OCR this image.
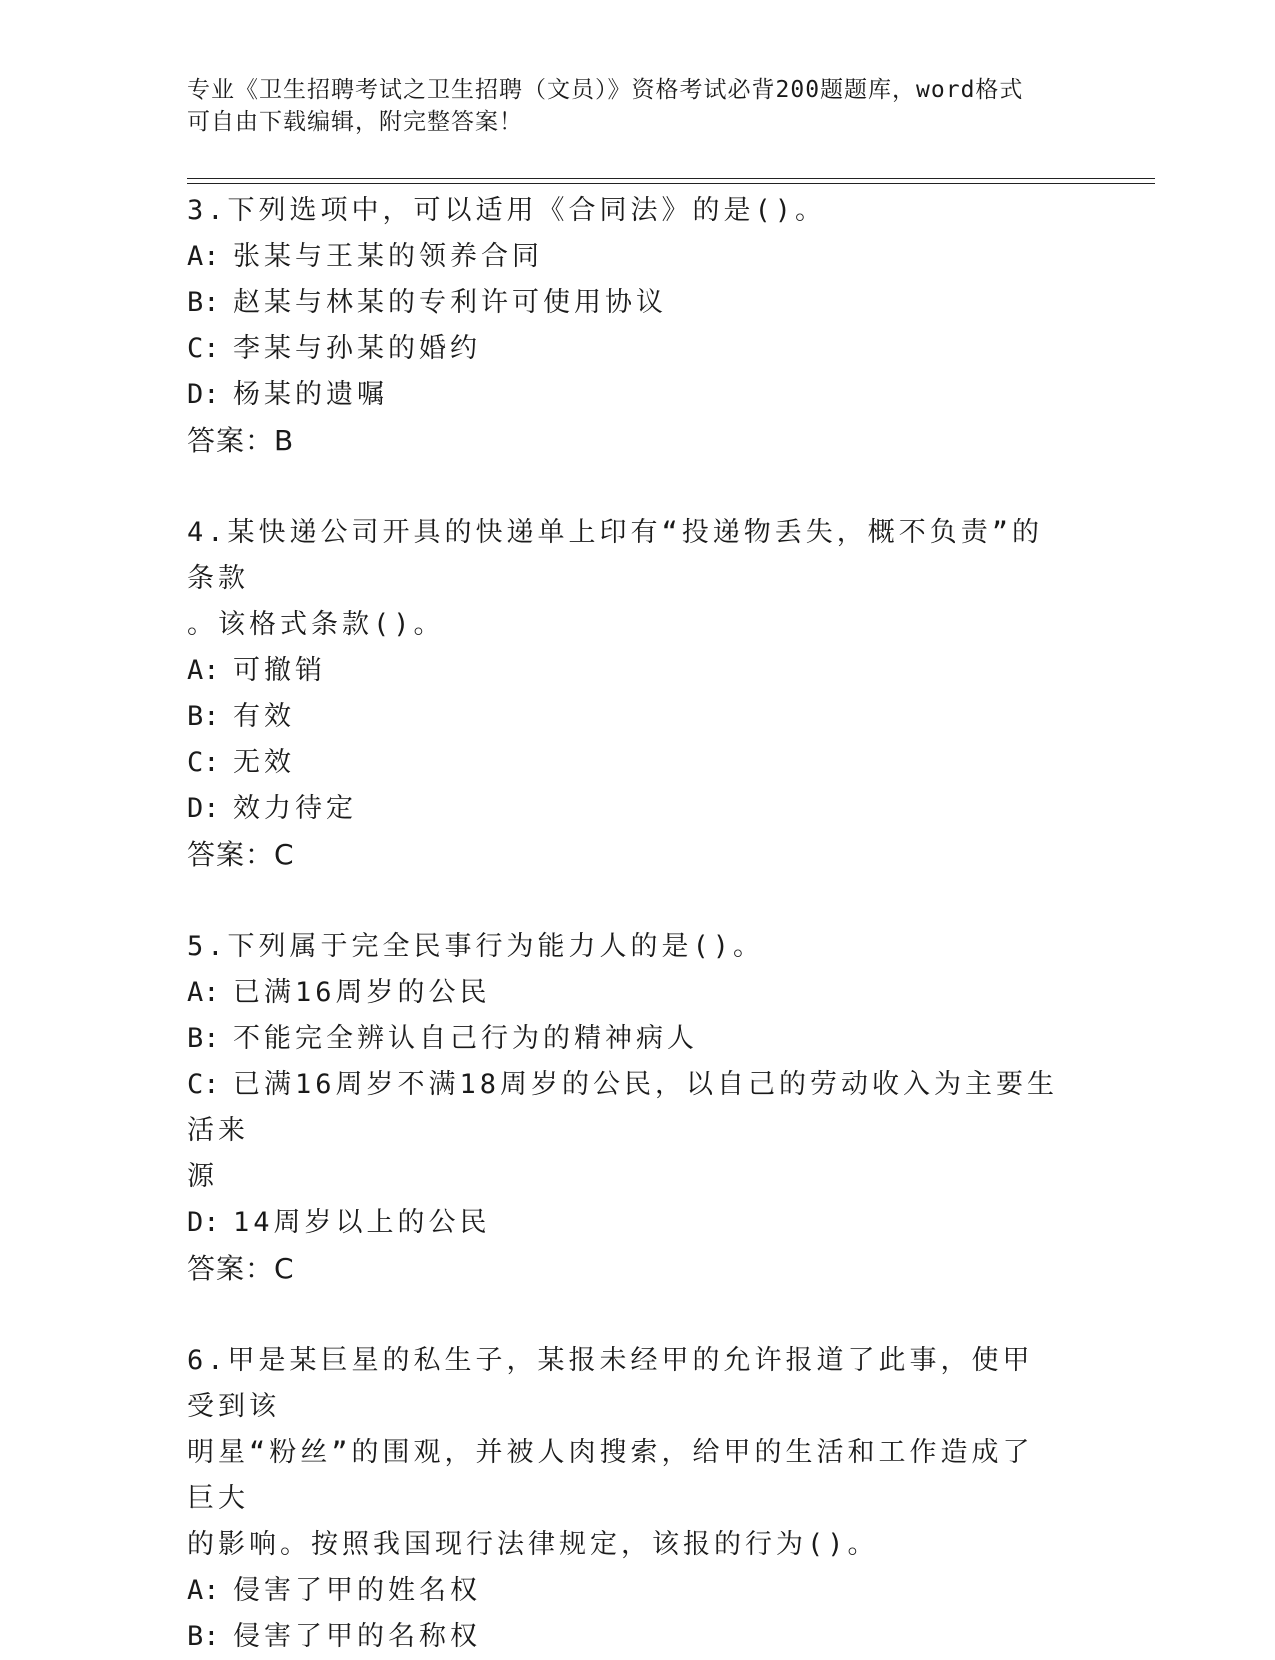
专业《卫生招聘考试之卫生招聘（文员）》资格考试必背200题题库，word格式
可自由下载编辑，附完整答案！
3.下列选项中，可以适用《合同法》的是()。
A: 张某与王某的领养合同
B: 赵某与林某的专利许可使用协议
C: 李某与孙某的婚约
D: 杨某的遗嘱
答案：B
4.某快递公司开具的快递单上印有“投递物丢失，概不负责”的条款
。该格式条款()。
A: 可撤销
B: 有效
C: 无效
D: 效力待定
答案：C
5.下列属于完全民事行为能力人的是()。
A: 已满16周岁的公民
B: 不能完全辨认自己行为的精神病人
C: 已满16周岁不满18周岁的公民，以自己的劳动收入为主要生活来
源
D: 14周岁以上的公民
答案：C
6.甲是某巨星的私生子，某报未经甲的允许报道了此事，使甲受到该
明星“粉丝”的围观，并被人肉搜索，给甲的生活和工作造成了巨大
的影响。按照我国现行法律规定，该报的行为()。
A: 侵害了甲的姓名权
B: 侵害了甲的名称权
